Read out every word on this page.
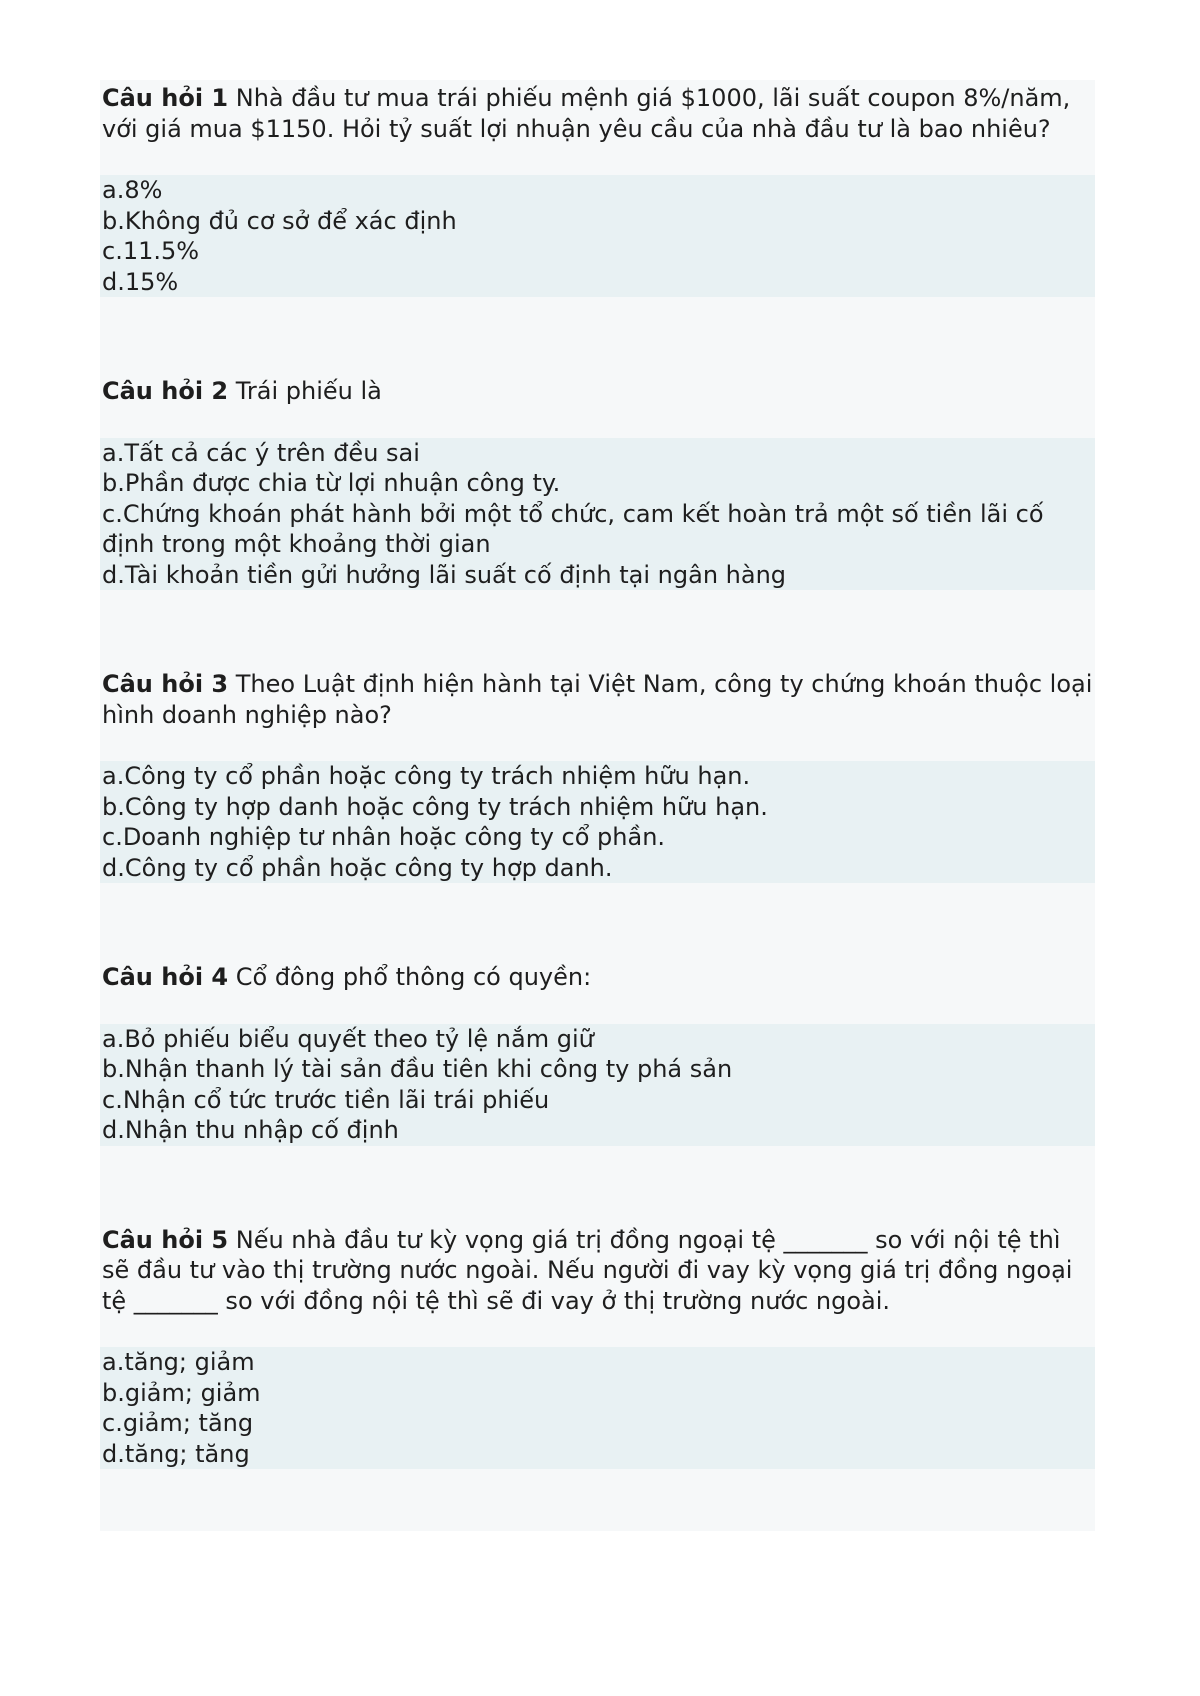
Câu hỏi 1 Nhà đầu tư mua trái phiếu mệnh giá $1000, lãi suất coupon 8%/năm, với giá mua $1150. Hỏi tỷ suất lợi nhuận yêu cầu của nhà đầu tư là bao nhiêu?
a.8%
b.Không đủ cơ sở để xác định
c.11.5%
d.15%
Câu hỏi 2 Trái phiếu là
a.Tất cả các ý trên đều sai
b.Phần được chia từ lợi nhuận công ty.
c.Chứng khoán phát hành bởi một tổ chức, cam kết hoàn trả một số tiền lãi cố định trong một khoảng thời gian
d.Tài khoản tiền gửi hưởng lãi suất cố định tại ngân hàng
Câu hỏi 3 Theo Luật định hiện hành tại Việt Nam, công ty chứng khoán thuộc loại hình doanh nghiệp nào?
a.Công ty cổ phần hoặc công ty trách nhiệm hữu hạn.
b.Công ty hợp danh hoặc công ty trách nhiệm hữu hạn.
c.Doanh nghiệp tư nhân hoặc công ty cổ phần.
d.Công ty cổ phần hoặc công ty hợp danh.
Câu hỏi 4 Cổ đông phổ thông có quyền:
a.Bỏ phiếu biểu quyết theo tỷ lệ nắm giữ
b.Nhận thanh lý tài sản đầu tiên khi công ty phá sản
c.Nhận cổ tức trước tiền lãi trái phiếu
d.Nhận thu nhập cố định
Câu hỏi 5 Nếu nhà đầu tư kỳ vọng giá trị đồng ngoại tệ _______ so với nội tệ thì sẽ đầu tư vào thị trường nước ngoài. Nếu người đi vay kỳ vọng giá trị đồng ngoại tệ _______ so với đồng nội tệ thì sẽ đi vay ở thị trường nước ngoài.
a.tăng; giảm
b.giảm; giảm
c.giảm; tăng
d.tăng; tăng
